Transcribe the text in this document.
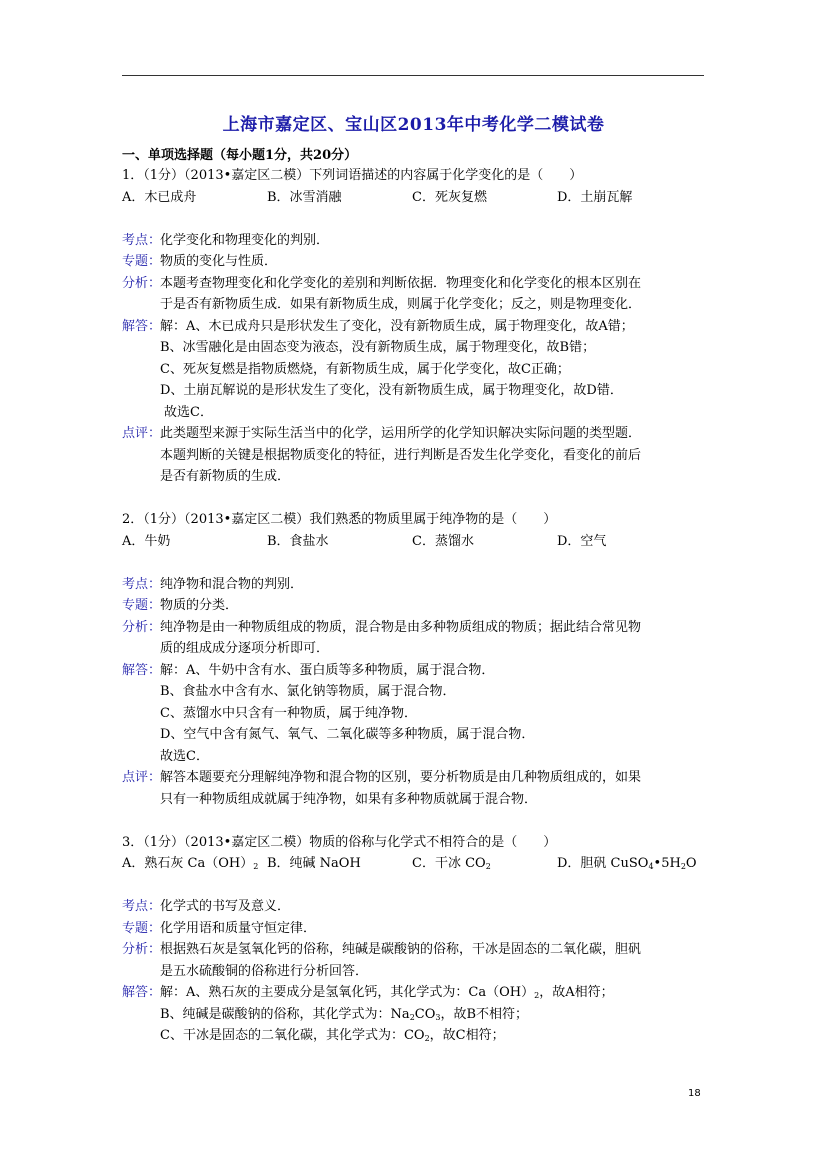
上海市嘉定区、宝山区2013年中考化学二模试卷
一、单项选择题（每小题1分，共20分）
1．（1分）（2013•嘉定区二模）下列词语描述的内容属于化学变化的是（　　）
A．木已成舟	B．冰雪消融	C．死灰复燃	D．土崩瓦解
考点：
化学变化和物理变化的判别．
专题：
物质的变化与性质．
分析：
本题考查物理变化和化学变化的差别和判断依据．物理变化和化学变化的根本区别在
于是否有新物质生成．如果有新物质生成，则属于化学变化；反之，则是物理变化．
解答：
解：A、木已成舟只是形状发生了变化，没有新物质生成，属于物理变化，故A错；
B、冰雪融化是由固态变为液态，没有新物质生成，属于物理变化，故B错；
C、死灰复燃是指物质燃烧，有新物质生成，属于化学变化，故C正确；
D、土崩瓦解说的是形状发生了变化，没有新物质生成，属于物理变化，故D错．
故选C．
点评：
此类题型来源于实际生活当中的化学，运用所学的化学知识解决实际问题的类型题．
本题判断的关键是根据物质变化的特征，进行判断是否发生化学变化，看变化的前后
是否有新物质的生成．
2．（1分）（2013•嘉定区二模）我们熟悉的物质里属于纯净物的是（　　）
A．牛奶	B．食盐水	C．蒸馏水	D．空气
考点：
纯净物和混合物的判别．
专题：
物质的分类．
分析：
纯净物是由一种物质组成的物质，混合物是由多种物质组成的物质；据此结合常见物
质的组成成分逐项分析即可．
解答：
解：A、牛奶中含有水、蛋白质等多种物质，属于混合物．
B、食盐水中含有水、氯化钠等物质，属于混合物．
C、蒸馏水中只含有一种物质，属于纯净物．
D、空气中含有氮气、氧气、二氧化碳等多种物质，属于混合物．
故选C．
点评：
解答本题要充分理解纯净物和混合物的区别，要分析物质是由几种物质组成的，如果
只有一种物质组成就属于纯净物，如果有多种物质就属于混合物．
3．（1分）（2013•嘉定区二模）物质的俗称与化学式不相符合的是（　　）
A．熟石灰 $Ca(OH)_2$ B．纯碱 NaOH	C．干冰 $CO_2$	D．胆矾 $CuSO_4•5H_2O$
考点：
化学式的书写及意义．
专题：
化学用语和质量守恒定律．
分析：
根据熟石灰是氢氧化钙的俗称，纯碱是碳酸钠的俗称，干冰是固态的二氧化碳，胆矾
是五水硫酸铜的俗称进行分析回答．
解答：
解：A、熟石灰的主要成分是氢氧化钙，其化学式为：$Ca(OH)_2$，故A相符；
B、纯碱是碳酸钠的俗称，其化学式为：$Na_2CO_3$，故B不相符；
C、干冰是固态的二氧化碳，其化学式为：$CO_2$，故C相符；
18
